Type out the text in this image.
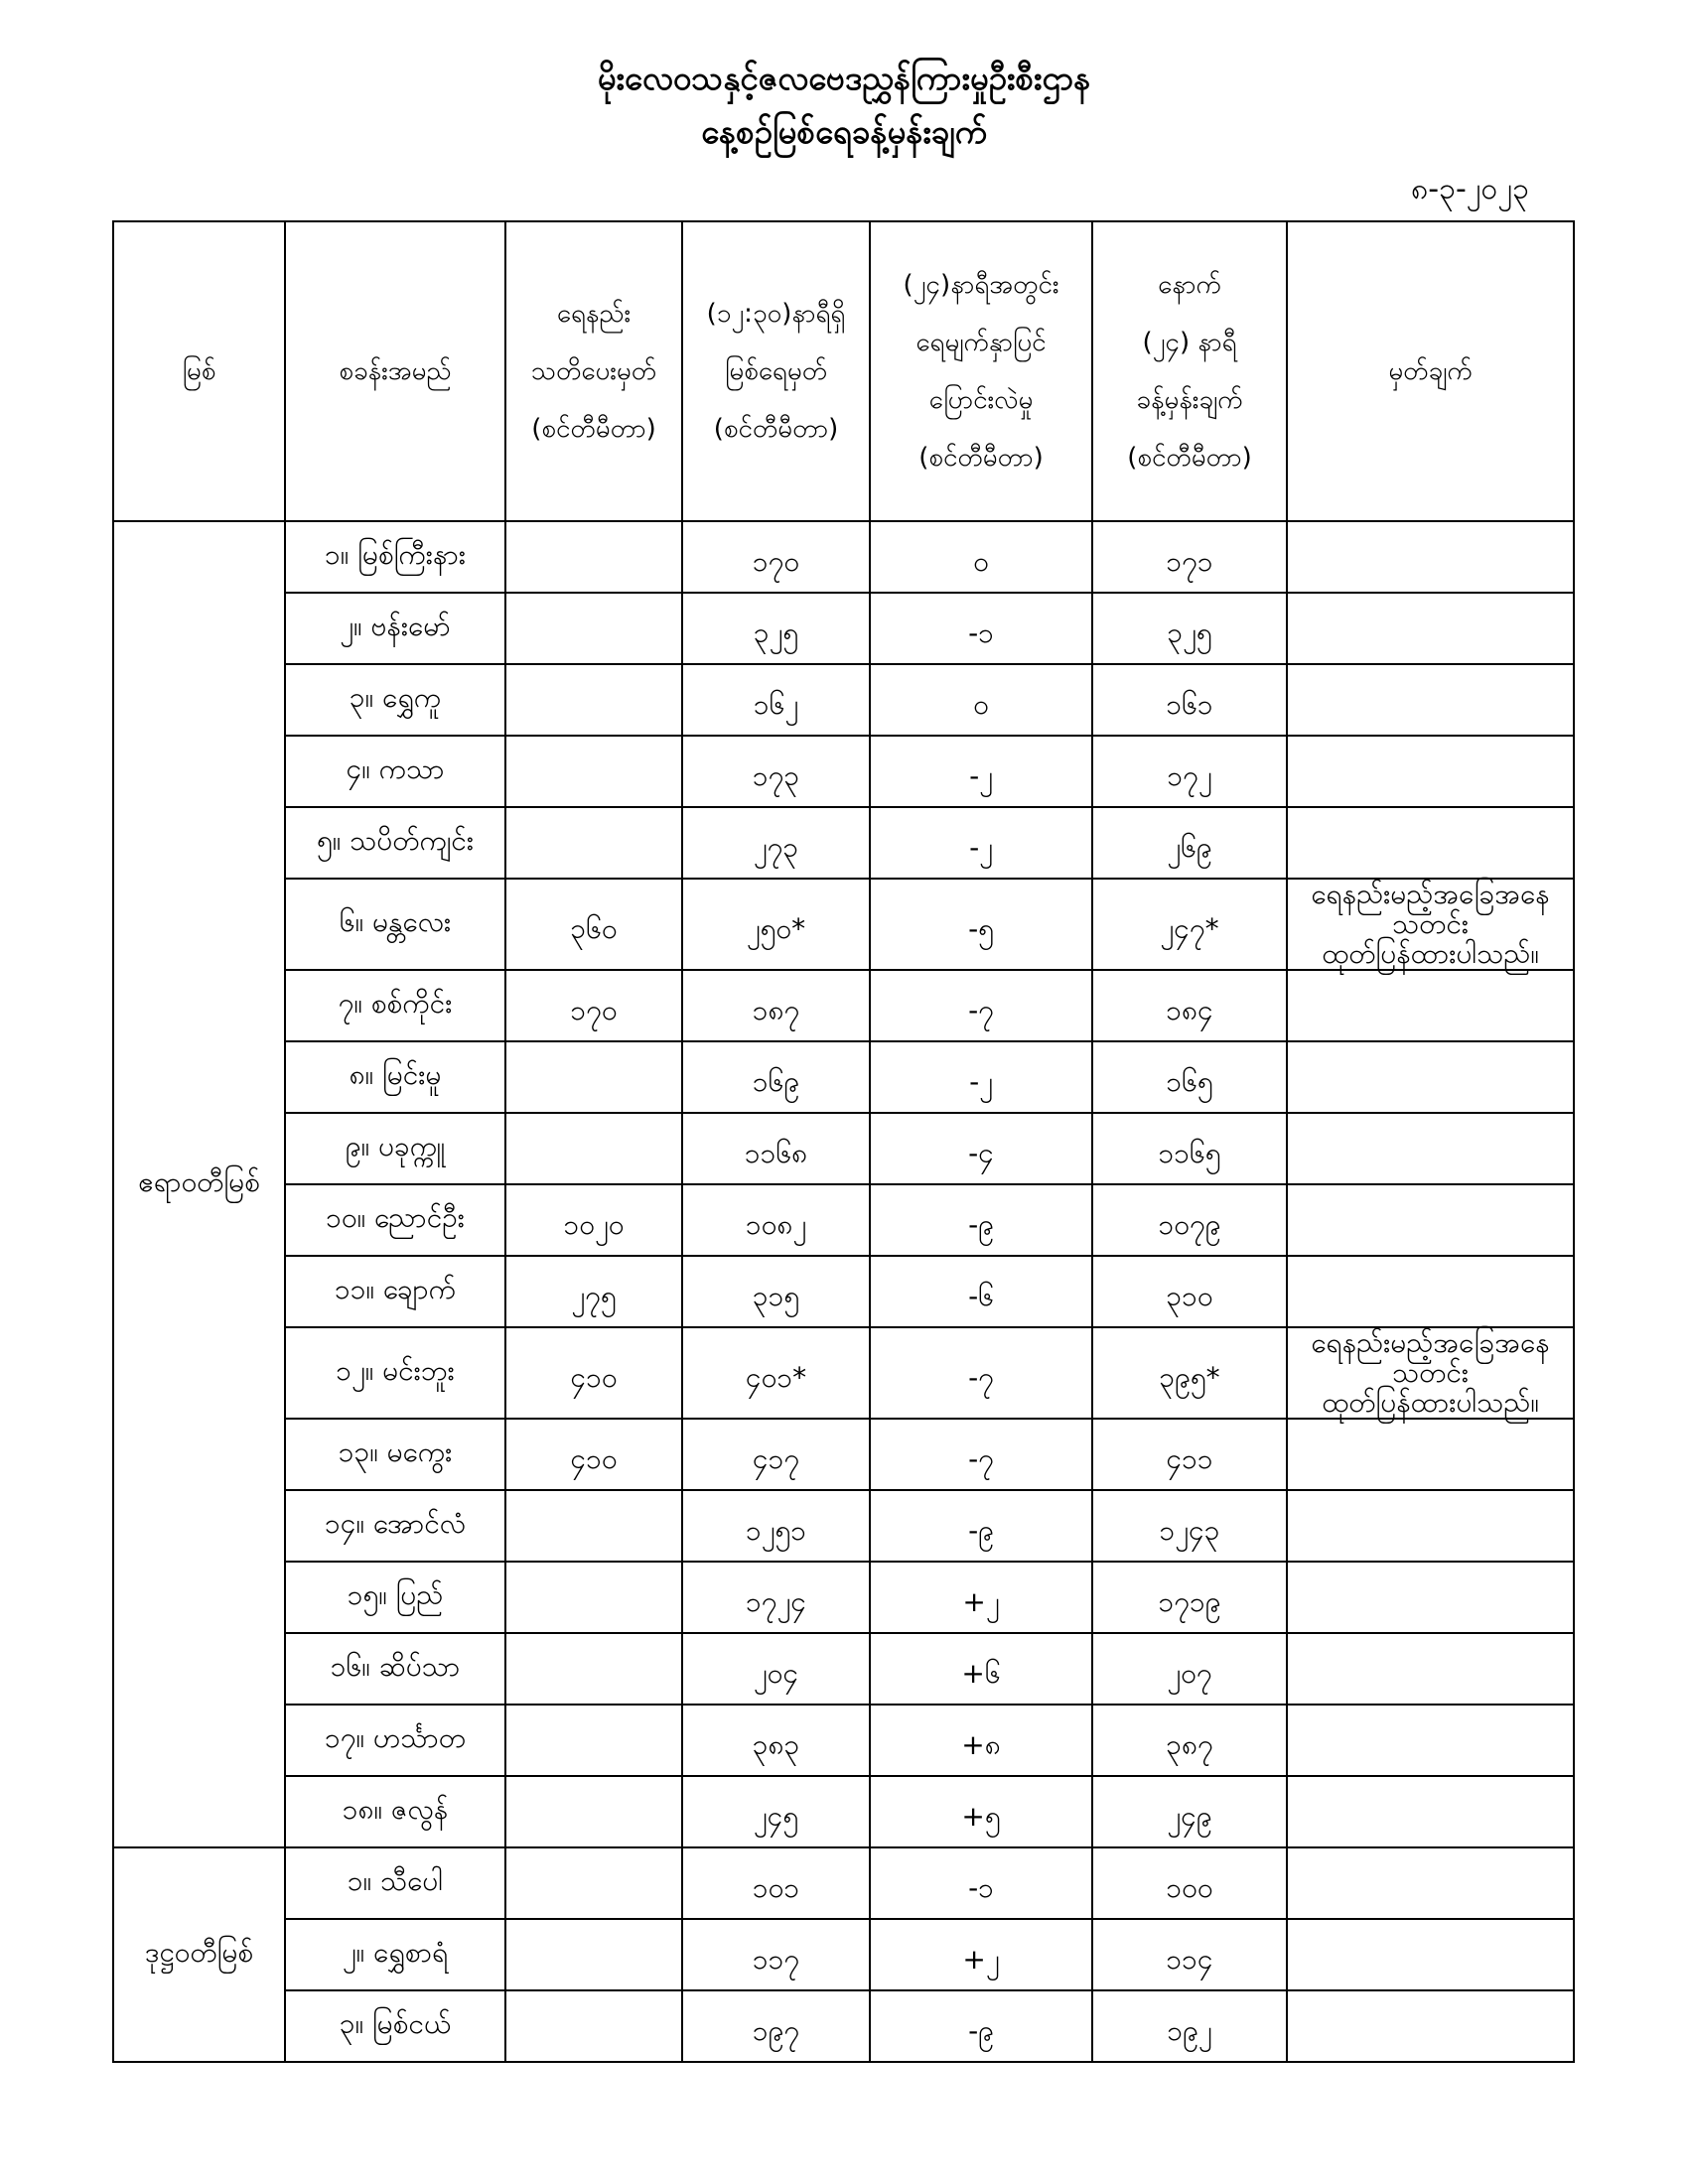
မိုးလေဝသနှင့်ဇလဗေဒညွှန်ကြားမှုဦးစီးဌာန
နေ့စဉ်မြစ်ရေခန့်မှန်းချက်
၈-၃-၂၀၂၃
မြစ်	စခန်းအမည်	ရေနည်း
သတိပေးမှတ်
(စင်တီမီတာ)	(၁၂:၃၀)နာရီရှိ
မြစ်ရေမှတ်
(စင်တီမီတာ)	(၂၄)နာရီအတွင်း
ရေမျက်နှာပြင်
ပြောင်းလဲမှု
(စင်တီမီတာ)	နောက်
(၂၄) နာရီ
ခန့်မှန်းချက်
(စင်တီမီတာ)	မှတ်ချက်
ဧရာဝတီမြစ်	၁။ မြစ်ကြီးနား		၁၇၀	၀	၁၇၁	
	၂။ ဗန်းမော်		၃၂၅	-၁	၃၂၅	
	၃။ ရွှေကူ		၁၆၂	၀	၁၆၁	
	၄။ ကသာ		၁၇၃	-၂	၁၇၂	
	၅။ သပိတ်ကျင်း		၂၇၃	-၂	၂၆၉	
	၆။ မန္တလေး	၃၆၀	၂၅၀*	-၅	၂၄၇*	ရေနည်းမည့်အခြေအနေသတင်း
ထုတ်ပြန်ထားပါသည်။
	၇။ စစ်ကိုင်း	၁၇၀	၁၈၇	-၇	၁၈၄	
	၈။ မြင်းမူ		၁၆၉	-၂	၁၆၅	
	၉။ ပခုက္ကူ		၁၁၆၈	-၄	၁၁၆၅	
	၁၀။ ညောင်ဦး	၁၀၂၀	၁၀၈၂	-၉	၁၀၇၉	
	၁၁။ ချောက်	၂၇၅	၃၁၅	-၆	၃၁၀	
	၁၂။ မင်းဘူး	၄၁၀	၄၀၁*	-၇	၃၉၅*	ရေနည်းမည့်အခြေအနေသတင်း
ထုတ်ပြန်ထားပါသည်။
	၁၃။ မကွေး	၄၁၀	၄၁၇	-၇	၄၁၁	
	၁၄။ အောင်လံ		၁၂၅၁	-၉	၁၂၄၃	
	၁၅။ ပြည်		၁၇၂၄	+၂	၁၇၁၉	
	၁၆။ ဆိပ်သာ		၂၀၄	+၆	၂၀၇	
	၁၇။ ဟင်္သာတ		၃၈၃	+၈	၃၈၇	
	၁၈။ ဇလွန်		၂၄၅	+၅	၂၄၉	
ဒုဋ္ဌဝတီမြစ်	၁။ သီပေါ		၁၀၁	-၁	၁၀၀	
	၂။ ရွှေစာရံ		၁၁၇	+၂	၁၁၄	
	၃။ မြစ်ငယ်		၁၉၇	-၉	၁၉၂	
